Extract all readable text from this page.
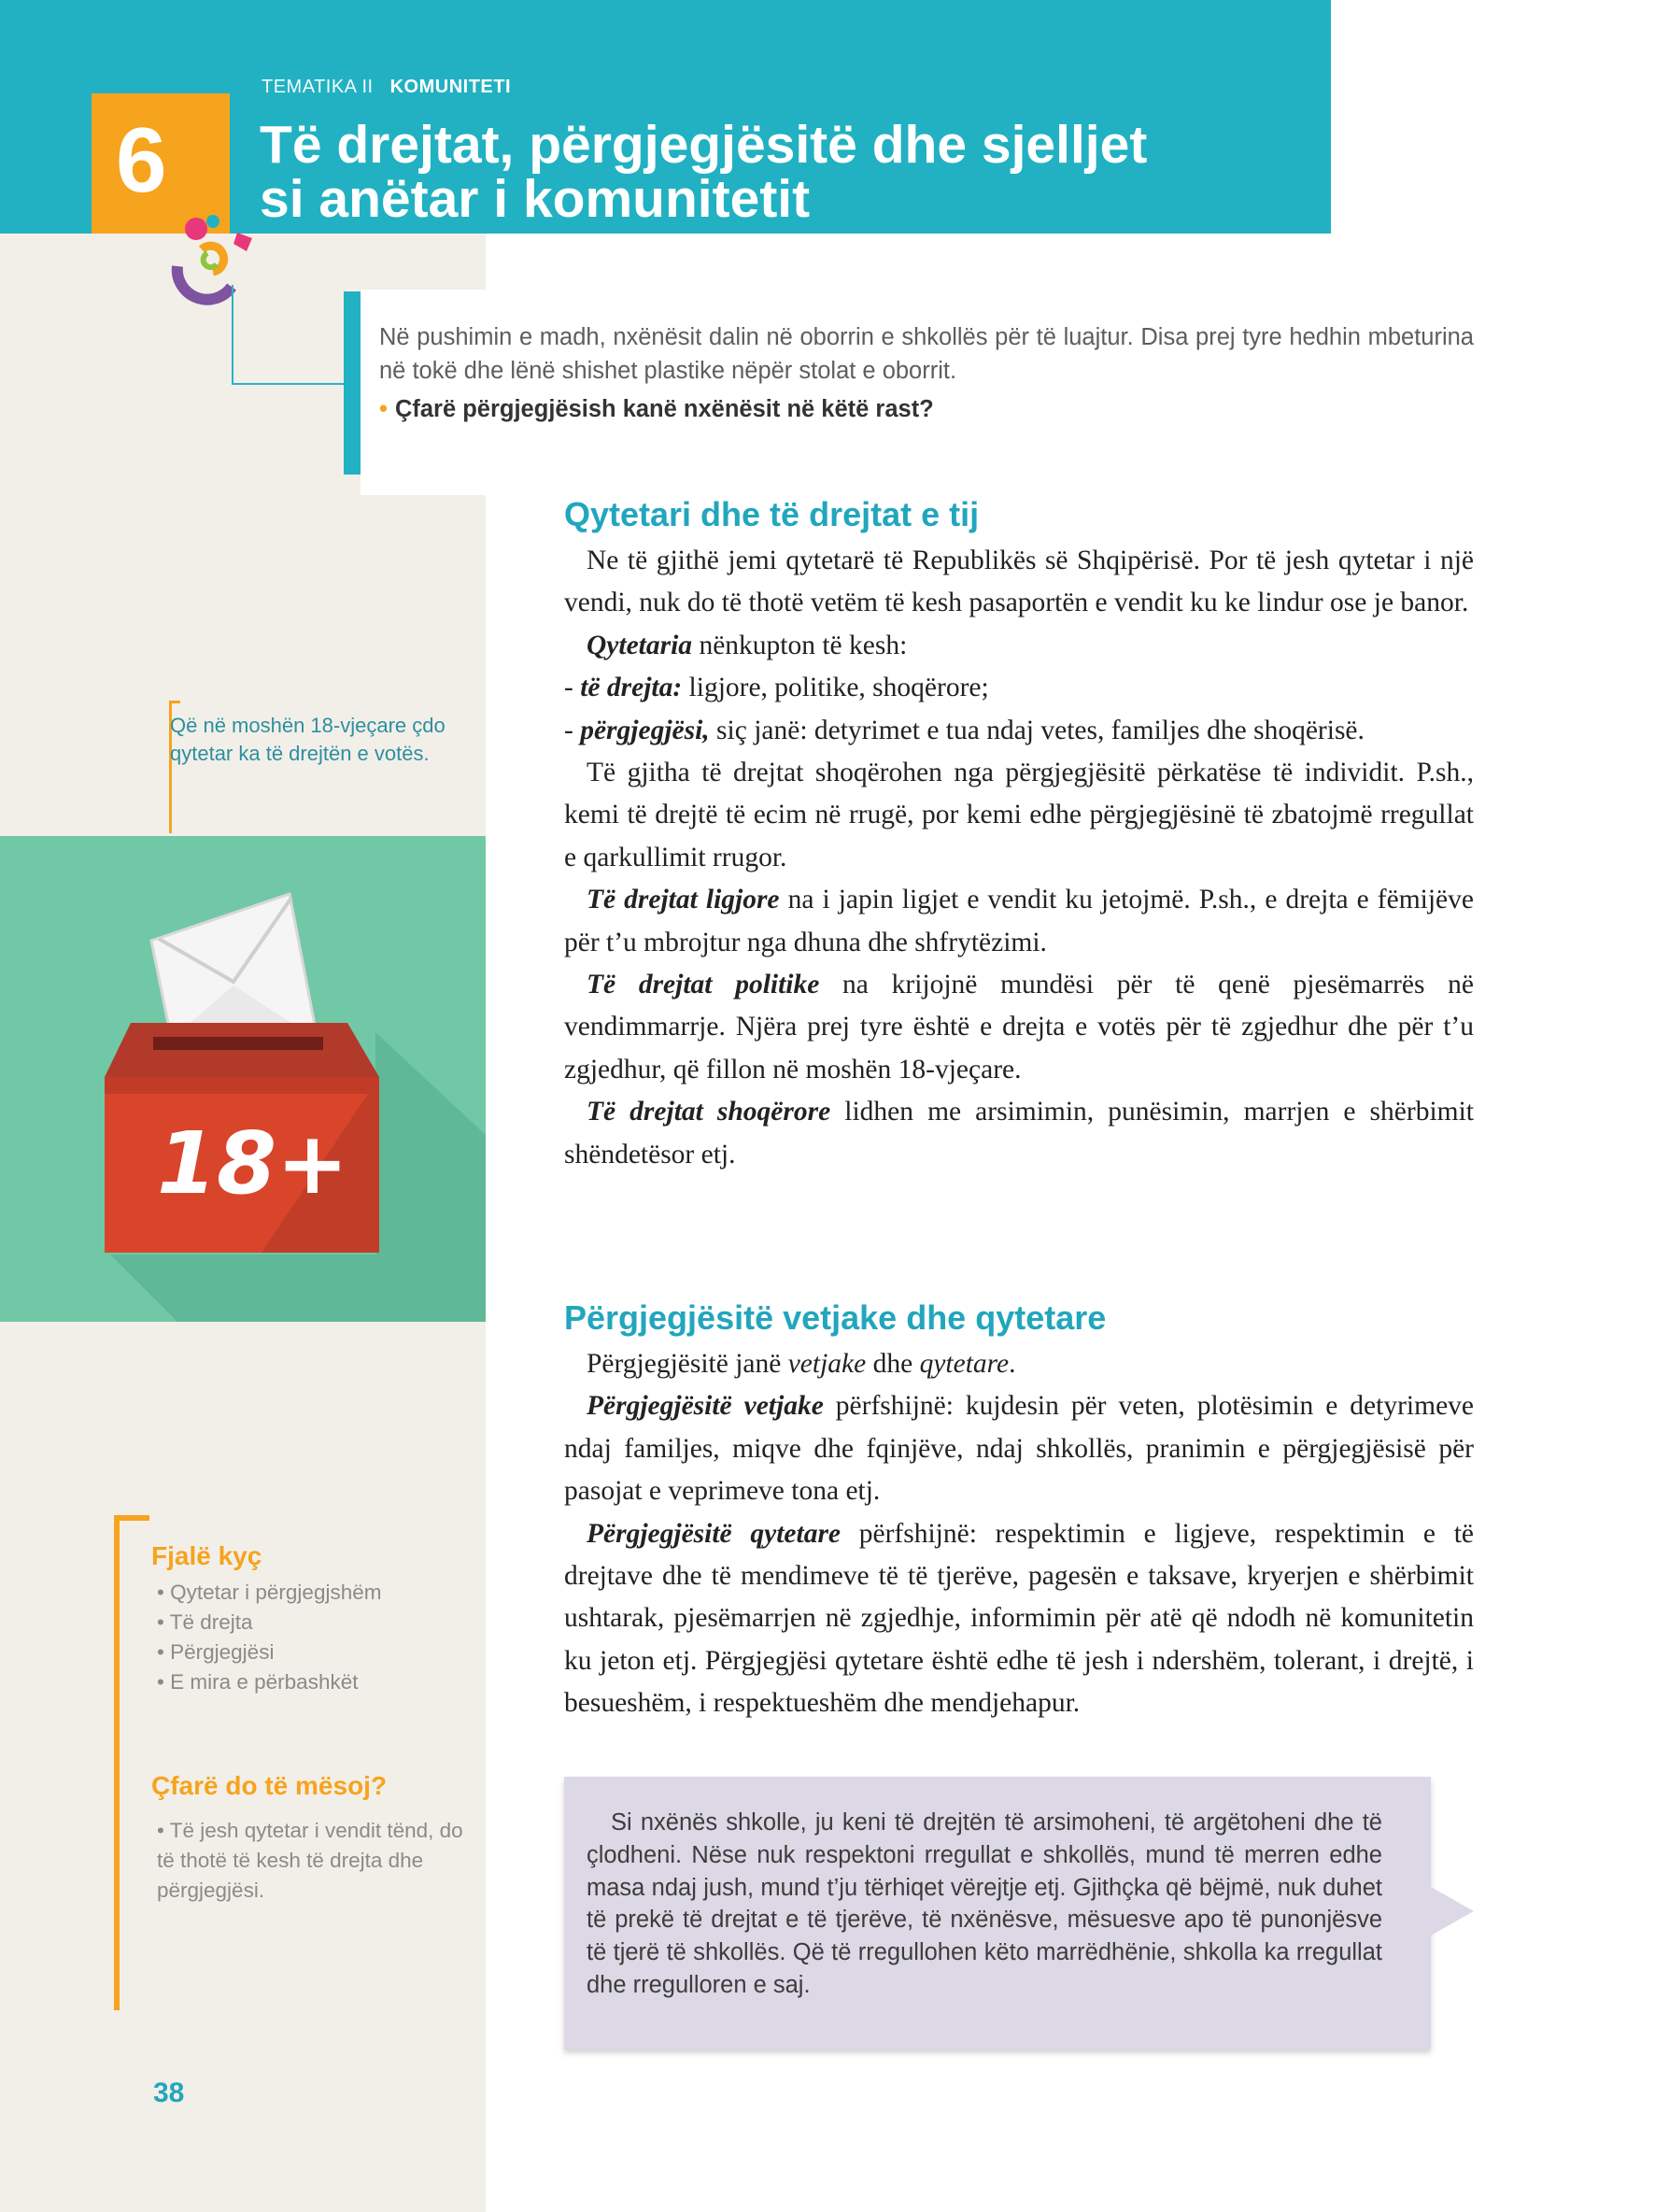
TEMATIKA II KOMUNITETI
6 Të drejtat, përgjegjësitë dhe sjelljet
si anëtar i komunitetit
Në pushimin e madh, nxënësit dalin në oborrin e shkollës për të luajtur. Disa prej tyre hedhin mbeturina në tokë dhe lënë shishet plastike nëpër stolat e oborrit.
• Çfarë përgjegjësish kanë nxënësit në këtë rast?
Qytetari dhe të drejtat e tij

Ne të gjithë jemi qytetarë të Republikës së Shqipërisë. Por të jesh qytetar i një vendi, nuk do të thotë vetëm të kesh pasaportën e vendit ku ke lindur ose je banor.

Qytetaria nënkupton të kesh:

- të drejta: ligjore, politike, shoqërore;

- përgjegjësi, siç janë: detyrimet e tua ndaj vetes, familjes dhe shoqërisë.

Të gjitha të drejtat shoqërohen nga përgjegjësitë përkatëse të individit. P.sh., kemi të drejtë të ecim në rrugë, por kemi edhe përgjegjësinë të zbatojmë rregullat e qarkullimit rrugor.

Të drejtat ligjore na i japin ligjet e vendit ku jetojmë. P.sh., e drejta e fëmijëve për t’u mbrojtur nga dhuna dhe shfrytëzimi.

Të drejtat politike na krijojnë mundësi për të qenë pjesëmarrës në vendimmarrje. Njëra prej tyre është e drejta e votës për të zgjedhur dhe për t’u zgjedhur, që fillon në moshën 18-vjeçare.

Të drejtat shoqërore lidhen me arsimimin, punësimin, marrjen e shërbimit shëndetësor etj.

Përgjegjësitë vetjake dhe qytetare

Përgjegjësitë janë vetjake dhe qytetare.

Përgjegjësitë vetjake përfshijnë: kujdesin për veten, plotësimin e detyrimeve ndaj familjes, miqve dhe fqinjëve, ndaj shkollës, pranimin e përgjegjësisë për pasojat e veprimeve tona etj.

Përgjegjësitë qytetare përfshijnë: respektimin e ligjeve, respektimin e të drejtave dhe të mendimeve të të tjerëve, pagesën e taksave, kryerjen e shërbimit ushtarak, pjesëmarrjen në zgjedhje, informimin për atë që ndodh në komunitetin ku jeton etj. Përgjegjësi qytetare është edhe të jesh i ndershëm, tolerant, i drejtë, i besueshëm, i respektueshëm dhe mendjehapur.

Që në moshën 18-vjeçare çdo qytetar ka të drejtën e votës.
18+
Fjalë kyç
• Qytetar i përgjegjshëm
• Të drejta
• Përgjegjësi
• E mira e përbashkët
Çfarë do të mësoj?
• Të jesh qytetar i vendit tënd, do të thotë të kesh të drejta dhe përgjegjësi.
38
Si nxënës shkolle, ju keni të drejtën të arsimoheni, të argëtoheni dhe të çlodheni. Nëse nuk respektoni rregullat e shkollës, mund të merren edhe masa ndaj jush, mund t’ju tërhiqet vërejtje etj. Gjithçka që bëjmë, nuk duhet të prekë të drejtat e të tjerëve, të nxënësve, mësuesve apo të punonjësve të tjerë të shkollës. Që të rregullohen këto marrëdhënie, shkolla ka rregullat dhe rregulloren e saj.
